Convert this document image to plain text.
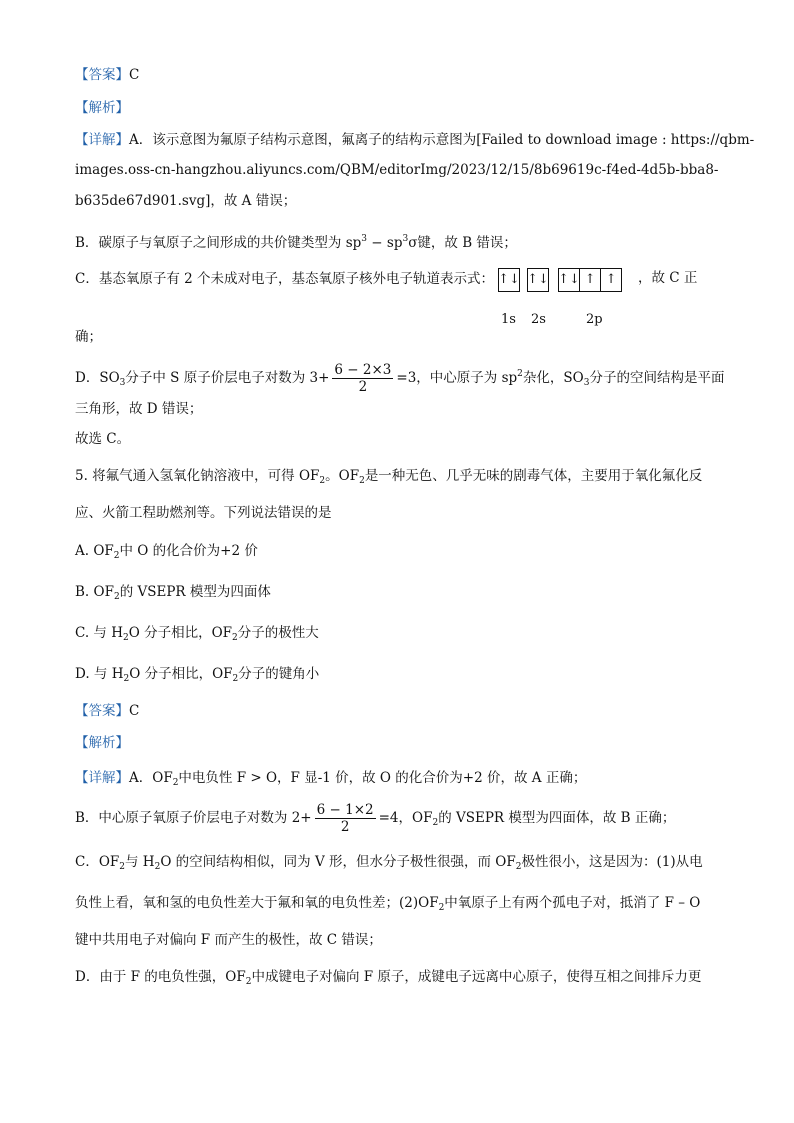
【答案】C
【解析】
【详解】A．该示意图为氟原子结构示意图，氟离子的结构示意图为[Failed to download image : https://qbm-
images.oss-cn-hangzhou.aliyuncs.com/QBM/editorImg/2023/12/15/8b69619c-f4ed-4d5b-bba8-
b635de67d901.svg]，故 A 错误；
B．碳原子与氧原子之间形成的共价键类型为 $sp^3 - sp^3\sigma$键，故 B 错误；
C．基态氧原子有 2 个未成对电子，基态氧原子核外电子轨道表示式： ↑↓ ↑↓ ↑↓ ↑ ↑
1s 2s	2p
，故 C 正
确；
D．$SO_3$分子中 S 原子价层电子对数为 $3+ \frac{6 - 2\times 3}{2} =3$，中心原子为 $sp^2$杂化，$SO_3$分子的空间结构是平面
三角形，故 D 错误；
故选 C。
5. 将氟气通入氢氧化钠溶液中，可得 $OF_2$。$OF_2$是一种无色、几乎无味的剧毒气体，主要用于氧化氟化反
应、火箭工程助燃剂等。下列说法错误的是
A. $OF_2$中 O 的化合价为+2 价
B. $OF_2$的 VSEPR 模型为四面体
C. 与 $H_2O$ 分子相比，$OF_2$分子的极性大
D. 与 $H_2O$ 分子相比，$OF_2$分子的键角小
【答案】C
【解析】
【详解】A．$OF_2$中电负性 F > O，F 显-1 价，故 O 的化合价为+2 价，故 A 正确；
B．中心原子氧原子价层电子对数为 $2+ \frac{6 - 1\times 2}{2} =4$，$OF_2$的 VSEPR 模型为四面体，故 B 正确；
C．$OF_2$与 $H_2O$ 的空间结构相似，同为 V 形，但水分子极性很强，而 $OF_2$极性很小，这是因为：(1)从电
负性上看，氧和氢的电负性差大于氟和氧的电负性差；$(2)OF_2$中氧原子上有两个孤电子对，抵消了 F – O
键中共用电子对偏向 F 而产生的极性，故 C 错误；
D．由于 F 的电负性强，$OF_2$中成键电子对偏向 F 原子，成键电子远离中心原子，使得互相之间排斥力更
